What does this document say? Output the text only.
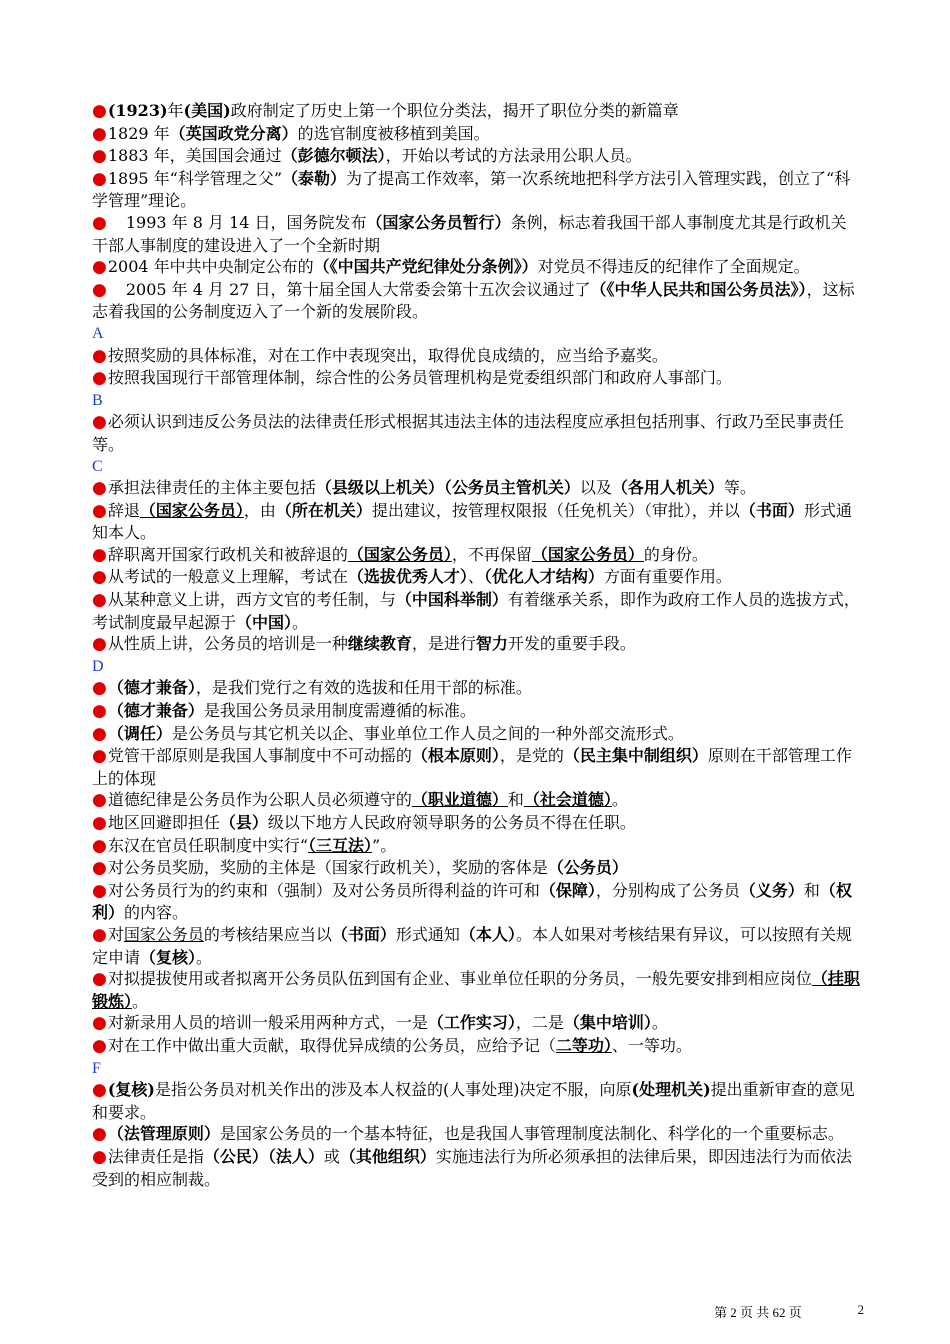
●(1923)年(美国)政府制定了历史上第一个职位分类法，揭开了职位分类的新篇章
●1829 年（英国政党分离）的选官制度被移植到美国。
●1883 年，美国国会通过（彭德尔顿法），开始以考试的方法录用公职人员。
●1895 年“科学管理之父”（泰勒）为了提高工作效率，第一次系统地把科学方法引入管理实践，创立了“科学管理”理论。
● 1993 年 8 月 14 日，国务院发布（国家公务员暂行）条例，标志着我国干部人事制度尤其是行政机关干部人事制度的建设进入了一个全新时期
●2004 年中共中央制定公布的（《中国共产党纪律处分条例》）对党员不得违反的纪律作了全面规定。
● 2005 年 4 月 27 日，第十届全国人大常委会第十五次会议通过了（《中华人民共和国公务员法》），这标志着我国的公务制度迈入了一个新的发展阶段。
A
●按照奖励的具体标准，对在工作中表现突出，取得优良成绩的，应当给予嘉奖。
●按照我国现行干部管理体制，综合性的公务员管理机构是党委组织部门和政府人事部门。
B
●必须认识到违反公务员法的法律责任形式根据其违法主体的违法程度应承担包括刑事、行政乃至民事责任等。
C
●承担法律责任的主体主要包括（县级以上机关）（公务员主管机关）以及（各用人机关）等。
●辞退（国家公务员），由（所在机关）提出建议，按管理权限报（任免机关）（审批），并以（书面）形式通知本人。
●辞职离开国家行政机关和被辞退的（国家公务员），不再保留（国家公务员）的身份。
●从考试的一般意义上理解，考试在（选拔优秀人才）、（优化人才结构）方面有重要作用。
●从某种意义上讲，西方文官的考任制，与（中国科举制）有着继承关系，即作为政府工作人员的选拔方式，考试制度最早起源于（中国）。
●从性质上讲，公务员的培训是一种继续教育，是进行智力开发的重要手段。
D
●（德才兼备），是我们党行之有效的选拔和任用干部的标准。
●（德才兼备）是我国公务员录用制度需遵循的标准。
●（调任）是公务员与其它机关以企、事业单位工作人员之间的一种外部交流形式。
●党管干部原则是我国人事制度中不可动摇的（根本原则），是党的（民主集中制组织）原则在干部管理工作上的体现
●道德纪律是公务员作为公职人员必须遵守的（职业道德）和（社会道德）。
●地区回避即担任（县）级以下地方人民政府领导职务的公务员不得在任职。
●东汉在官员任职制度中实行“（三互法）”。
●对公务员奖励，奖励的主体是（国家行政机关），奖励的客体是（公务员）
●对公务员行为的约束和（强制）及对公务员所得利益的许可和（保障），分别构成了公务员（义务）和（权利）的内容。
●对国家公务员的考核结果应当以（书面）形式通知（本人）。本人如果对考核结果有异议，可以按照有关规定申请（复核）。
●对拟提拔使用或者拟离开公务员队伍到国有企业、事业单位任职的分务员，一般先要安排到相应岗位（挂职锻炼）。
●对新录用人员的培训一般采用两种方式，一是（工作实习），二是（集中培训）。
●对在工作中做出重大贡献，取得优异成绩的公务员，应给予记（二等功）、一等功。
F
●(复核)是指公务员对机关作出的涉及本人权益的(人事处理)决定不服，向原(处理机关)提出重新审查的意见和要求。
●（法管理原则）是国家公务员的一个基本特征，也是我国人事管理制度法制化、科学化的一个重要标志。
●法律责任是指（公民）（法人）或（其他组织）实施违法行为所必须承担的法律后果，即因违法行为而依法受到的相应制裁。
第 2 页 共 62 页	2
